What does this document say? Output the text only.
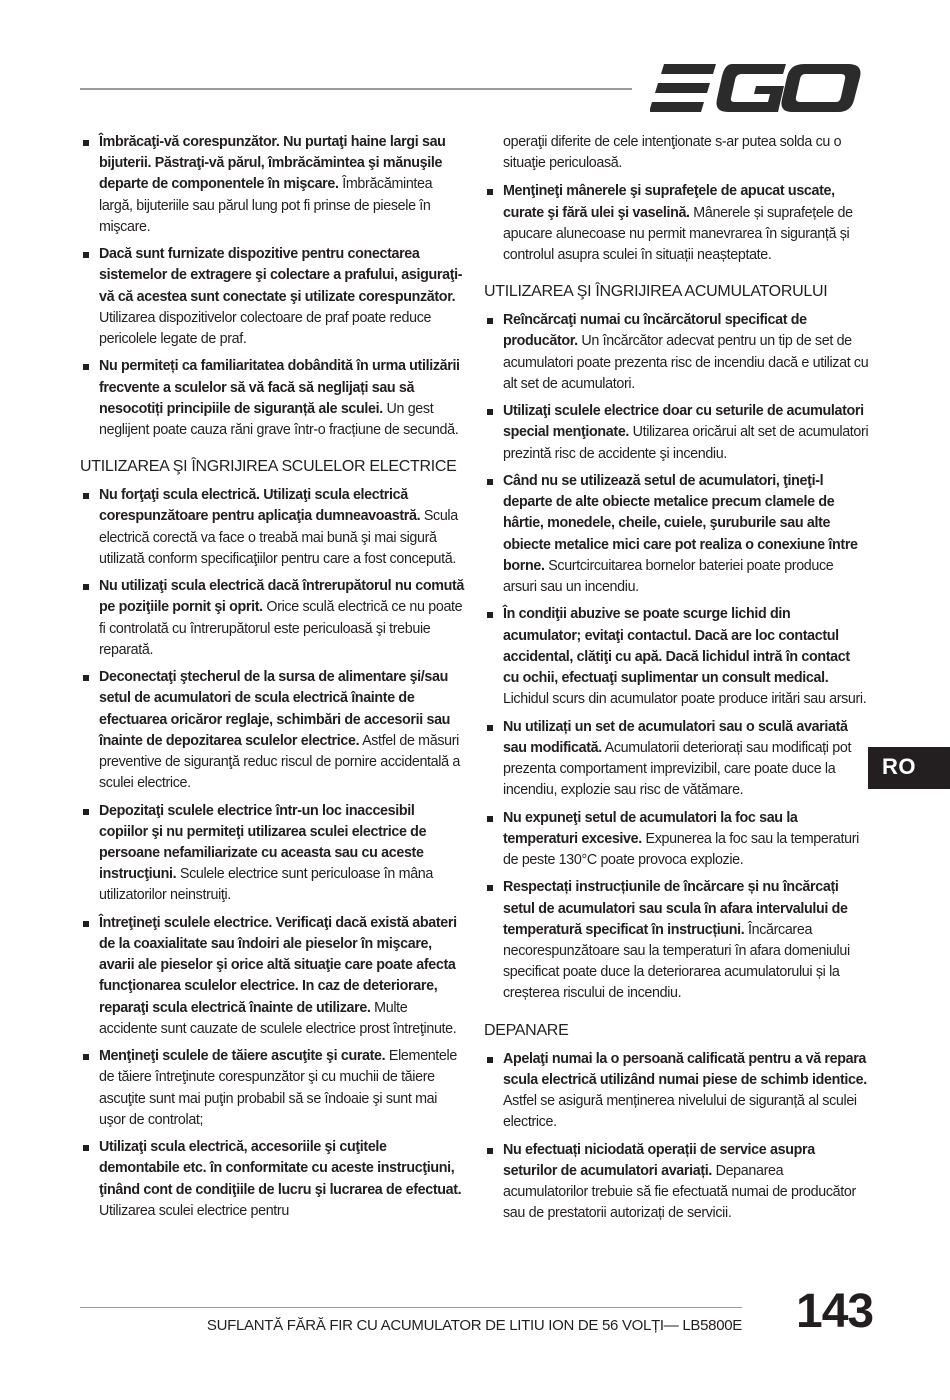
Îmbrăcaţi-vă corespunzător. Nu purtaţi haine largi sau bijuterii. Păstraţi-vă părul, îmbrăcămintea şi mănuşile departe de componentele în mişcare. Îmbrăcămintea largă, bijuteriile sau părul lung pot fi prinse de piesele în mişcare.
Dacă sunt furnizate dispozitive pentru conectarea sistemelor de extragere şi colectare a prafului, asiguraţi-vă că acestea sunt conectate şi utilizate corespunzător. Utilizarea dispozitivelor colectoare de praf poate reduce pericolele legate de praf.
Nu permiteți ca familiaritatea dobândită în urma utilizării frecvente a sculelor să vă facă să neglijați sau să nesocotiți principiile de siguranță ale sculei. Un gest neglijent poate cauza răni grave într-o fracțiune de secundă.
UTILIZAREA ŞI ÎNGRIJIREA SCULELOR ELECTRICE
Nu forţaţi scula electrică. Utilizaţi scula electrică corespunzătoare pentru aplicaţia dumneavoastră. Scula electrică corectă va face o treabă mai bună şi mai sigură utilizată conform specificaţiilor pentru care a fost concepută.
Nu utilizaţi scula electrică dacă întrerupătorul nu comută pe poziţiile pornit şi oprit. Orice sculă electrică ce nu poate fi controlată cu întrerupătorul este periculoasă şi trebuie reparată.
Deconectaţi ştecherul de la sursa de alimentare şi/sau setul de acumulatori de scula electrică înainte de efectuarea oricăror reglaje, schimbări de accesorii sau înainte de depozitarea sculelor electrice. Astfel de măsuri preventive de siguranţă reduc riscul de pornire accidentală a sculei electrice.
Depozitaţi sculele electrice într-un loc inaccesibil copiilor şi nu permiteţi utilizarea sculei electrice de persoane nefamiliarizate cu aceasta sau cu aceste instrucţiuni. Sculele electrice sunt periculoase în mâna utilizatorilor neinstruiţi.
Întreţineţi sculele electrice. Verificaţi dacă există abateri de la coaxialitate sau îndoiri ale pieselor în mişcare, avarii ale pieselor şi orice altă situaţie care poate afecta funcţionarea sculelor electrice. In caz de deteriorare, reparaţi scula electrică înainte de utilizare. Multe accidente sunt cauzate de sculele electrice prost întreţinute.
Menţineţi sculele de tăiere ascuţite şi curate. Elementele de tăiere întreţinute corespunzător şi cu muchii de tăiere ascuţite sunt mai puţin probabil să se îndoaie şi sunt mai uşor de controlat;
Utilizaţi scula electrică, accesoriile şi cuţitele demontabile etc. în conformitate cu aceste instrucţiuni, ţinând cont de condiţiile de lucru şi lucrarea de efectuat. Utilizarea sculei electrice pentru
operaţii diferite de cele intenţionate s-ar putea solda cu o situaţie periculoasă.
Menţineţi mânerele şi suprafeţele de apucat uscate, curate şi fără ulei şi vaselină. Mânerele și suprafețele de apucare alunecoase nu permit manevrarea în siguranță și controlul asupra sculei în situații neașteptate.
UTILIZAREA ŞI ÎNGRIJIREA ACUMULATORULUI
Reîncărcaţi numai cu încărcătorul specificat de producător. Un încărcător adecvat pentru un tip de set de acumulatori poate prezenta risc de incendiu dacă e utilizat cu alt set de acumulatori.
Utilizaţi sculele electrice doar cu seturile de acumulatori special menţionate. Utilizarea oricărui alt set de acumulatori prezintă risc de accidente şi incendiu.
Când nu se utilizează setul de acumulatori, ţineţi-l departe de alte obiecte metalice precum clamele de hârtie, monedele, cheile, cuiele, şuruburile sau alte obiecte metalice mici care pot realiza o conexiune între borne. Scurtcircuitarea bornelor bateriei poate produce arsuri sau un incendiu.
În condiţii abuzive se poate scurge lichid din acumulator; evitaţi contactul. Dacă are loc contactul accidental, clătiţi cu apă. Dacă lichidul intră în contact cu ochii, efectuaţi suplimentar un consult medical. Lichidul scurs din acumulator poate produce iritări sau arsuri.
Nu utilizați un set de acumulatori sau o sculă avariată sau modificată. Acumulatorii deteriorați sau modificați pot prezenta comportament imprevizibil, care poate duce la incendiu, explozie sau risc de vătămare.
Nu expuneţi setul de acumulatori la foc sau la temperaturi excesive. Expunerea la foc sau la temperaturi de peste 130°C poate provoca explozie.
Respectați instrucțiunile de încărcare și nu încărcați setul de acumulatori sau scula în afara intervalului de temperatură specificat în instrucțiuni. Încărcarea necorespunzătoare sau la temperaturi în afara domeniului specificat poate duce la deteriorarea acumulatorului și la creșterea riscului de incendiu.
DEPANARE
Apelaţi numai la o persoană calificată pentru a vă repara scula electrică utilizând numai piese de schimb identice. Astfel se asigură menținerea nivelului de siguranță al sculei electrice.
Nu efectuați niciodată operații de service asupra seturilor de acumulatori avariați. Depanarea acumulatorilor trebuie să fie efectuată numai de producător sau de prestatorii autorizați de servicii.
RO
SUFLANTĂ FĂRĂ FIR CU ACUMULATOR DE LITIU ION DE 56 VOLȚI— LB5800E 143
